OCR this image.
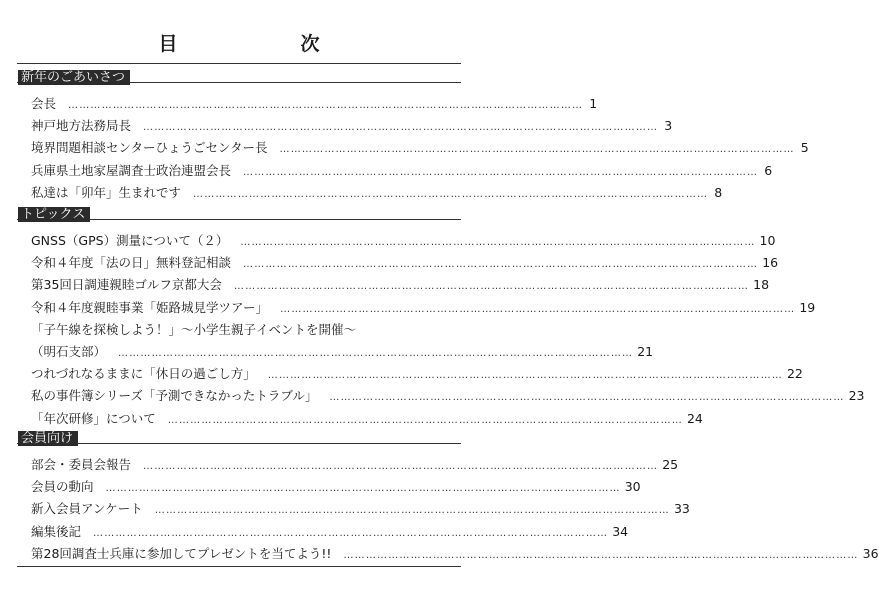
目　次
新年のごあいさつ
会長 ………………………………………………………………………………………………………………………… 1
神戸地方法務局長 ………………………………………………………………………………………………………………………… 3
境界問題相談センターひょうごセンター長 ………………………………………………………………………………………………………………………… 5
兵庫県土地家屋調査士政治連盟会長 ………………………………………………………………………………………………………………………… 6
私達は「卯年」生まれです ………………………………………………………………………………………………………………………… 8
トピックス
GNSS（GPS）測量について（２） ………………………………………………………………………………………………………………………… 10
令和４年度「法の日」無料登記相談 ………………………………………………………………………………………………………………………… 16
第35回日調連親睦ゴルフ京都大会 ………………………………………………………………………………………………………………………… 18
令和４年度親睦事業「姫路城見学ツアー」 ………………………………………………………………………………………………………………………… 19
「子午線を探検しよう！」～小学生親子イベントを開催～
（明石支部） ………………………………………………………………………………………………………………………… 21
つれづれなるままに「休日の過ごし方」 ………………………………………………………………………………………………………………………… 22
私の事件簿シリーズ「予測できなかったトラブル」 ………………………………………………………………………………………………………………………… 23
「年次研修」について ………………………………………………………………………………………………………………………… 24
会員向け
部会・委員会報告 ………………………………………………………………………………………………………………………… 25
会員の動向 ………………………………………………………………………………………………………………………… 30
新入会員アンケート ………………………………………………………………………………………………………………………… 33
編集後記 ………………………………………………………………………………………………………………………… 34
第28回調査士兵庫に参加してプレゼントを当てよう!! ………………………………………………………………………………………………………………………… 36
